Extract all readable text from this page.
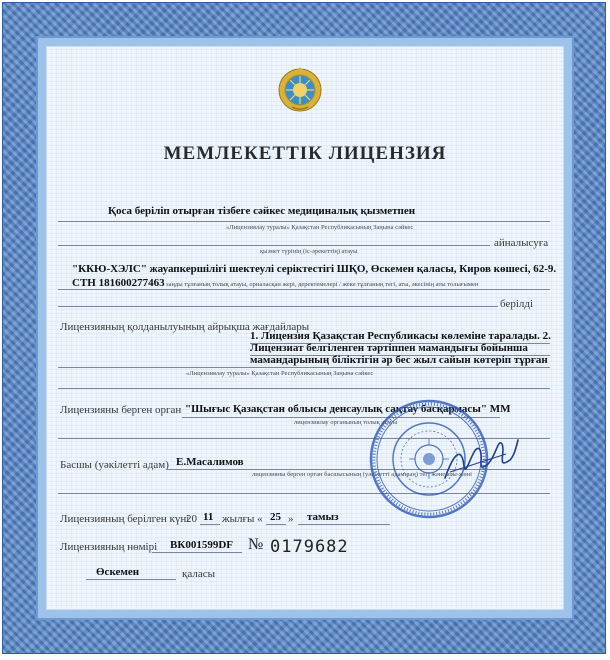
МЕМЛЕКЕТТІК ЛИЦЕНЗИЯ
Қоса беріліп отырған тізбеге сәйкес медициналық қызметпен
«Лицензиялау туралы» Қазақстан Республикасының Заңына сәйкес
айналысуға
қызмет түрінің (іс-әрекеттің) атауы
"ККЮ-ХЭЛС" жауапкершілігі шектеулі серіктестігі ШҚО, Өскемен қаласы, Киров көшесі, 62-9.
СТН 181600277463 заңды тұлғаның толық атауы, орналасқан жері, деректемелері / жеке тұлғаның тегі, аты, әкесінің аты толығымен
берілді
Лицензияның қолданылуының айрықша жағдайлары
1. Лицензия Қазақстан Республикасы көлеміне таралады. 2.
Лицензиат белгіленген тәртіппен мамандығы бойынша
мамандарының біліктігін әр бес жыл сайын көтеріп тұрған
«Лицензиялау туралы» Қазақстан Республикасының Заңына сәйкес
Лицензияны берген орган "Шығыс Қазақстан облысы денсаулық сақтау басқармасы" ММ
лицензиялау органының толық атауы
Басшы (уәкілетті адам) Е.Масалимов
лицензияны берген орган басшысының (уәкілетті адамның) тегі және аты-жөні
Лицензияның берілген күні
20 11 жылғы « 25 » тамыз
Лицензияның нөмірі ВК001599DF № 0179682
Өскемен	қаласы
